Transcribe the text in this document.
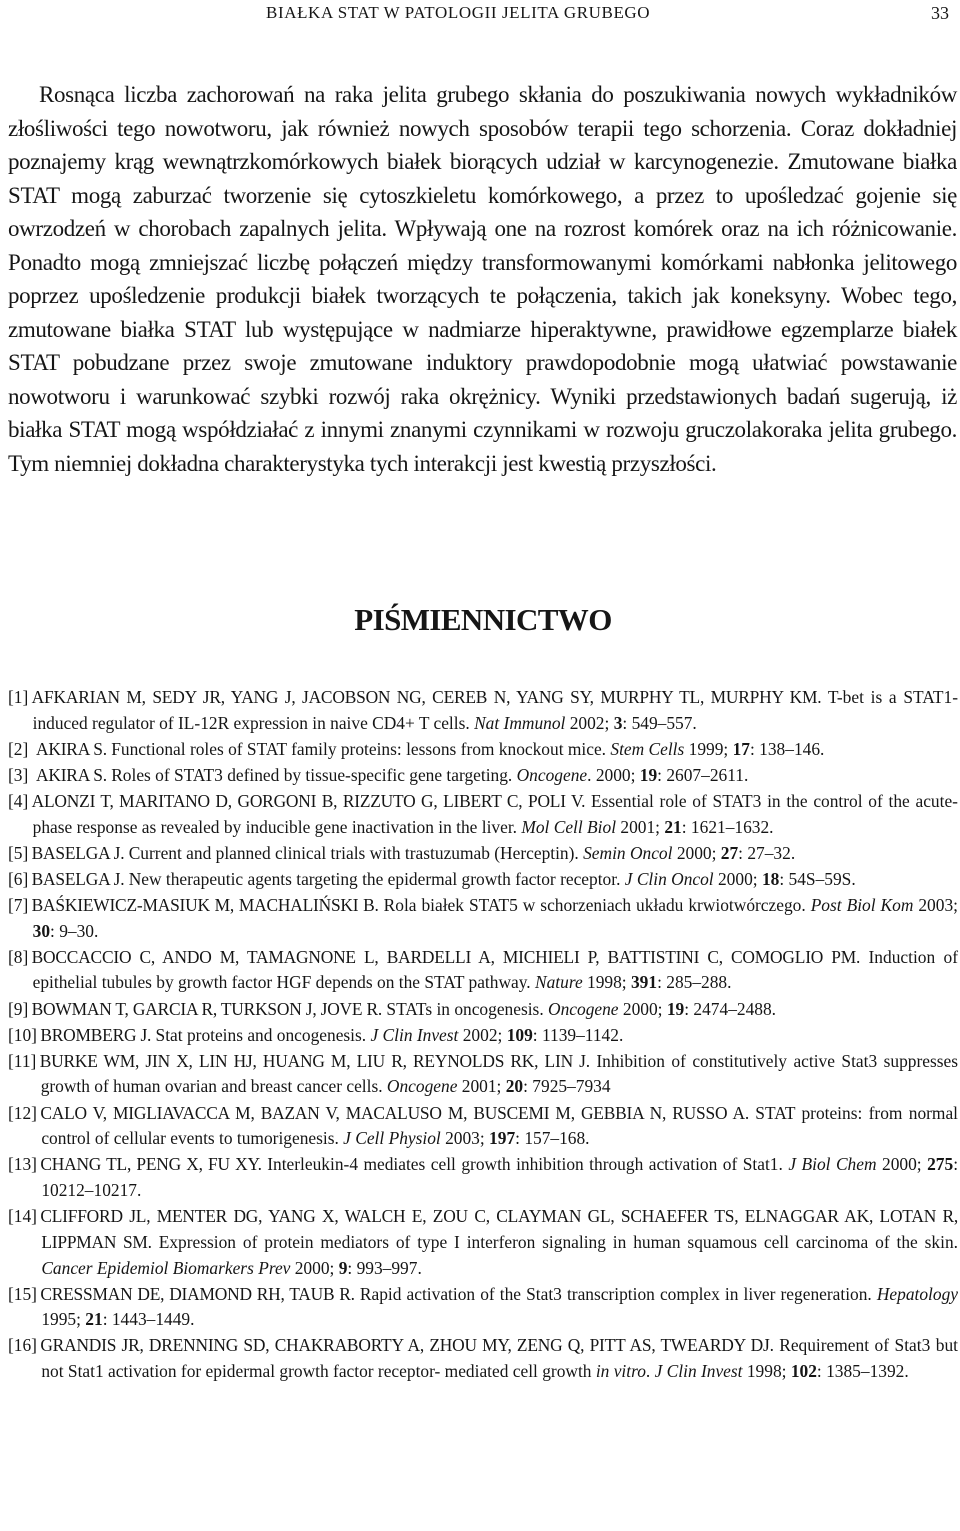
BIAŁKA STAT W PATOLOGII JELITA GRUBEGO	33

Rosnąca liczba zachorowań na raka jelita grubego skłania do poszukiwania nowych wykładników złośliwości tego nowotworu, jak również nowych sposobów terapii tego schorzenia. Coraz dokładniej poznajemy krąg wewnątrzkomórkowych białek biorących udział w karcynogenezie. Zmutowane białka STAT mogą zaburzać tworzenie się cytoszkieletu komórkowego, a przez to upośledzać gojenie się owrzodzeń w chorobach zapalnych jelita. Wpływają one na rozrost komórek oraz na ich różnicowanie. Ponadto mogą zmniejszać liczbę połączeń między transformowanymi komórkami nabłonka jelitowego poprzez upośledzenie produkcji białek tworzących te połączenia, takich jak koneksyny. Wobec tego, zmutowane białka STAT lub występujące w nadmiarze hiperaktywne, prawidłowe egzemplarze białek STAT pobudzane przez swoje zmutowane induktory prawdopodobnie mogą ułatwiać powstawanie nowotworu i warunkować szybki rozwój raka okrężnicy. Wyniki przedstawionych badań sugerują, iż białka STAT mogą współdziałać z innymi znanymi czynnikami w rozwoju gruczolakoraka jelita grubego. Tym niemniej dokładna charakterystyka tych interakcji jest kwestią przyszłości.

PIŚMIENNICTWO
[1] AFKARIAN M, SEDY JR, YANG J, JACOBSON NG, CEREB N, YANG SY, MURPHY TL, MURPHY KM. T-bet is a STAT1-induced regulator of IL-12R expression in naive CD4+ T cells. Nat Immunol 2002; 3: 549–557.
[2] AKIRA S. Functional roles of STAT family proteins: lessons from knockout mice. Stem Cells 1999; 17: 138–146.
[3] AKIRA S. Roles of STAT3 defined by tissue-specific gene targeting. Oncogene. 2000; 19: 2607–2611.
[4] ALONZI T, MARITANO D, GORGONI B, RIZZUTO G, LIBERT C, POLI V. Essential role of STAT3 in the control of the acute-phase response as revealed by inducible gene inactivation in the liver. Mol Cell Biol 2001; 21: 1621–1632.
[5] BASELGA J. Current and planned clinical trials with trastuzumab (Herceptin). Semin Oncol 2000; 27: 27–32.
[6] BASELGA J. New therapeutic agents targeting the epidermal growth factor receptor. J Clin Oncol 2000; 18: 54S–59S.
[7] BAŚKIEWICZ-MASIUK M, MACHALIŃSKI B. Rola białek STAT5 w schorzeniach układu krwiotwórczego. Post Biol Kom 2003; 30: 9–30.
[8] BOCCACCIO C, ANDO M, TAMAGNONE L, BARDELLI A, MICHIELI P, BATTISTINI C, COMOGLIO PM. Induction of epithelial tubules by growth factor HGF depends on the STAT pathway. Nature 1998; 391: 285–288.
[9] BOWMAN T, GARCIA R, TURKSON J, JOVE R. STATs in oncogenesis. Oncogene 2000; 19: 2474–2488.
[10] BROMBERG J. Stat proteins and oncogenesis. J Clin Invest 2002; 109: 1139–1142.
[11] BURKE WM, JIN X, LIN HJ, HUANG M, LIU R, REYNOLDS RK, LIN J. Inhibition of constitutively active Stat3 suppresses growth of human ovarian and breast cancer cells. Oncogene 2001; 20: 7925–7934
[12] CALO V, MIGLIAVACCA M, BAZAN V, MACALUSO M, BUSCEMI M, GEBBIA N, RUSSO A. STAT proteins: from normal control of cellular events to tumorigenesis. J Cell Physiol 2003; 197: 157–168.
[13] CHANG TL, PENG X, FU XY. Interleukin-4 mediates cell growth inhibition through activation of Stat1. J Biol Chem 2000; 275: 10212–10217.
[14] CLIFFORD JL, MENTER DG, YANG X, WALCH E, ZOU C, CLAYMAN GL, SCHAEFER TS, ELNAGGAR AK, LOTAN R, LIPPMAN SM. Expression of protein mediators of type I interferon signaling in human squamous cell carcinoma of the skin. Cancer Epidemiol Biomarkers Prev 2000; 9: 993–997.
[15] CRESSMAN DE, DIAMOND RH, TAUB R. Rapid activation of the Stat3 transcription complex in liver regeneration. Hepatology 1995; 21: 1443–1449.
[16] GRANDIS JR, DRENNING SD, CHAKRABORTY A, ZHOU MY, ZENG Q, PITT AS, TWEARDY DJ. Requirement of Stat3 but not Stat1 activation for epidermal growth factor receptor- mediated cell growth in vitro. J Clin Invest 1998; 102: 1385–1392.
